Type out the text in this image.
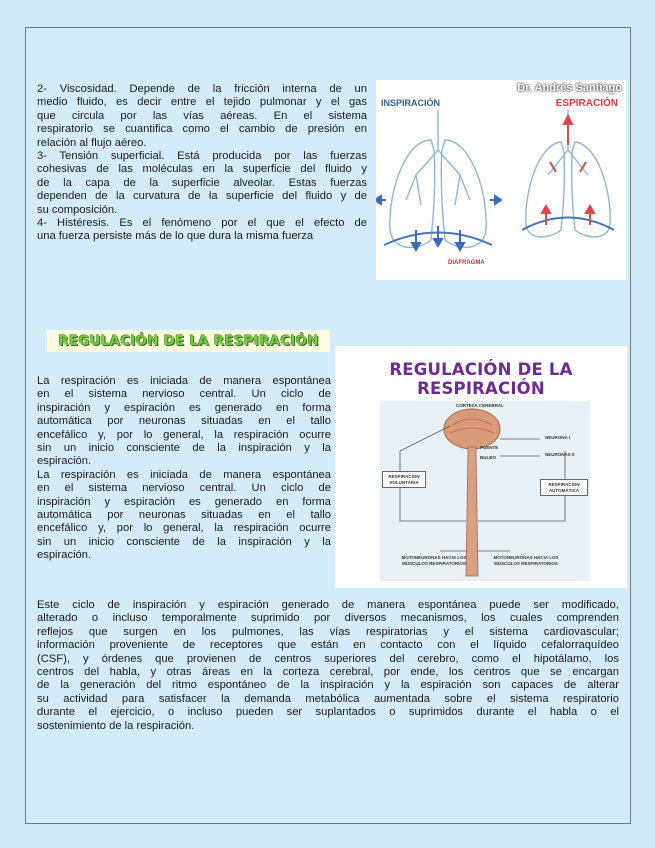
2- Viscosidad. Depende de la fricción interna de un
medio fluido, es decir entre el tejido pulmonar y el gas
que circula por las vías aéreas. En el sistema
respiratorio se cuantifica como el cambio de presión en
relación al flujo aéreo.
3- Tensión superficial. Está producida por las fuerzas
cohesivas de las moléculas en la superficie del fluido y
de la capa de la superficie alveolar. Estas fuerzas
dependen de la curvatura de la superficie del fluido y de
su composición.
4- Histéresis. Es el fenómeno por el que el efecto de
una fuerza persiste más de lo que dura la misma fuerza
Dr. Andrés Santiago
INSPIRACIÓN	ESPIRACIÓN
DIAFRAGMA
REGULACIÓN DE LA RESPIRACIÓN
La respiración es iniciada de manera espontánea
en el sistema nervioso central. Un ciclo de
inspiración y espiración es generado en forma
automática por neuronas situadas en el tallo
encefálico y, por lo general, la respiración ocurre
sin un inicio consciente de la inspiración y la
espiración.
La respiración es iniciada de manera espontánea
en el sistema nervioso central. Un ciclo de
inspiración y espiración es generado en forma
automática por neuronas situadas en el tallo
encefálico y, por lo general, la respiración ocurre
sin un inicio consciente de la inspiración y la
espiración.
REGULACIÓN DE LA RESPIRACIÓN
CORTEZA CEREBRAL
NEURONA I
NEURONAS II
PUENTE
BULBO
RESPIRACIÓN VOLUNTARIA	RESPIRACIÓN AUTOMÁTICA
MOTONEURONAS HACIA LOS MÚSCULOS RESPIRATORIOS
MOTONEURONAS HACIA LOS MÚSCULOS RESPIRATORIOS
Este ciclo de inspiración y espiración generado de manera espontánea puede ser modificado,
alterado o incluso temporalmente suprimido por diversos mecanismos, los cuales comprenden
reflejos que surgen en los pulmones, las vías respiratorias y el sistema cardiovascular;
información proveniente de receptores que están en contacto con el líquido cefalorraquídeo
(CSF), y órdenes que provienen de centros superiores del cerebro, como el hipotálamo, los
centros del habla, y otras áreas en la corteza cerebral, por ende, los centros que se encargan
de la generación del ritmo espontáneo de la inspiración y la espiración son capaces de alterar
su actividad para satisfacer la demanda metabólica aumentada sobre el sistema respiratorio
durante el ejercicio, o incluso pueden ser suplantados o suprimidos durante el habla o el
sostenimiento de la respiración.
